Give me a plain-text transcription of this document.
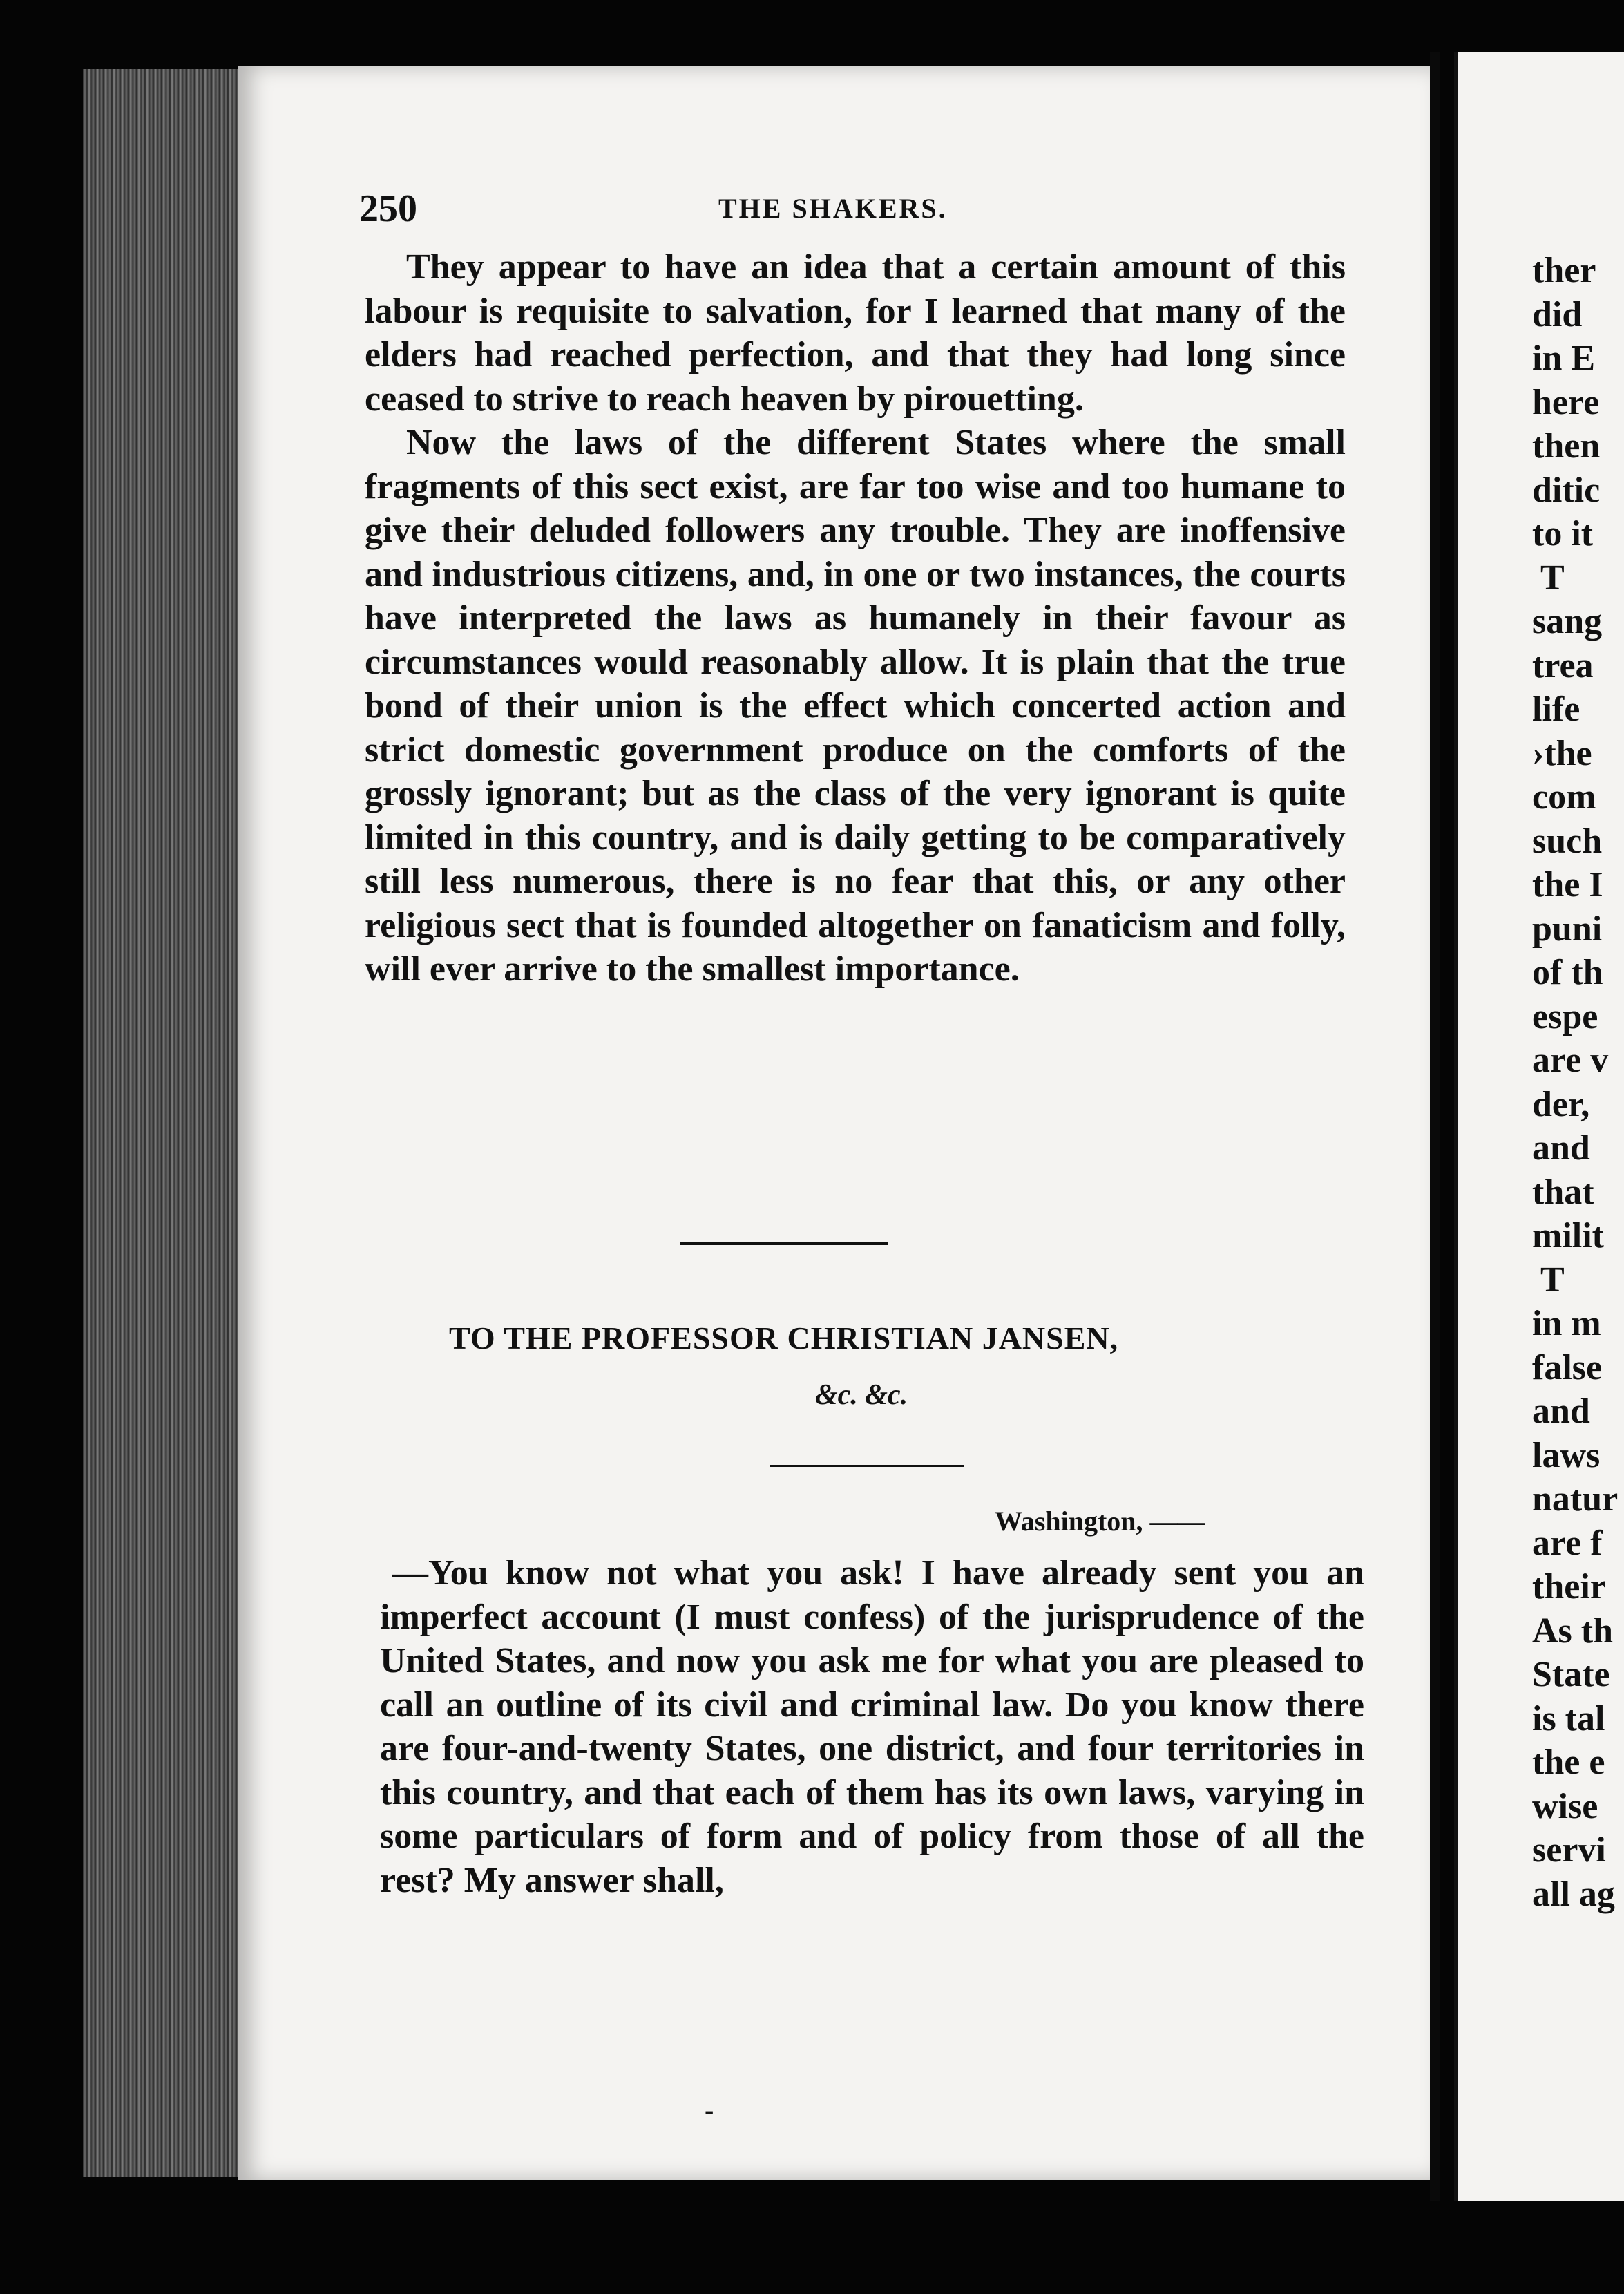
250	THE SHAKERS.

They appear to have an idea that a certain amount of this labour is requisite to salvation, for I learned that many of the elders had reached perfection, and that they had long since ceased to strive to reach heaven by pirouetting.

Now the laws of the different States where the small fragments of this sect exist, are far too wise and too humane to give their deluded followers any trouble. They are inoffensive and industrious citizens, and, in one or two instances, the courts have interpreted the laws as humanely in their favour as circumstances would reasonably allow. It is plain that the true bond of their union is the effect which concerted action and strict domestic government produce on the comforts of the grossly ignorant; but as the class of the very ignorant is quite limited in this country, and is daily getting to be comparatively still less numerous, there is no fear that this, or any other religious sect that is founded altogether on fanaticism and folly, will ever arrive to the smallest importance.

TO THE PROFESSOR CHRISTIAN JANSEN,
&c. &c.
Washington, ——

—You know not what you ask! I have already sent you an imperfect account (I must confess) of the jurisprudence of the United States, and now you ask me for what you are pleased to call an outline of its civil and criminal law. Do you know there are four-and-twenty States, one district, and four territories in this country, and that each of them has its own laws, varying in some particulars of form and of policy from those of all the rest? My answer shall,

-
ther
did
in E
here
then
ditic
to it
T
sang
trea
life
›the
com
such
the I
puni
of th
espe
are v
der,
and
that
milit
T
in m
false
and
laws
natur
are f
their
As th
State
is tal
the e
wise
servi
all ag
